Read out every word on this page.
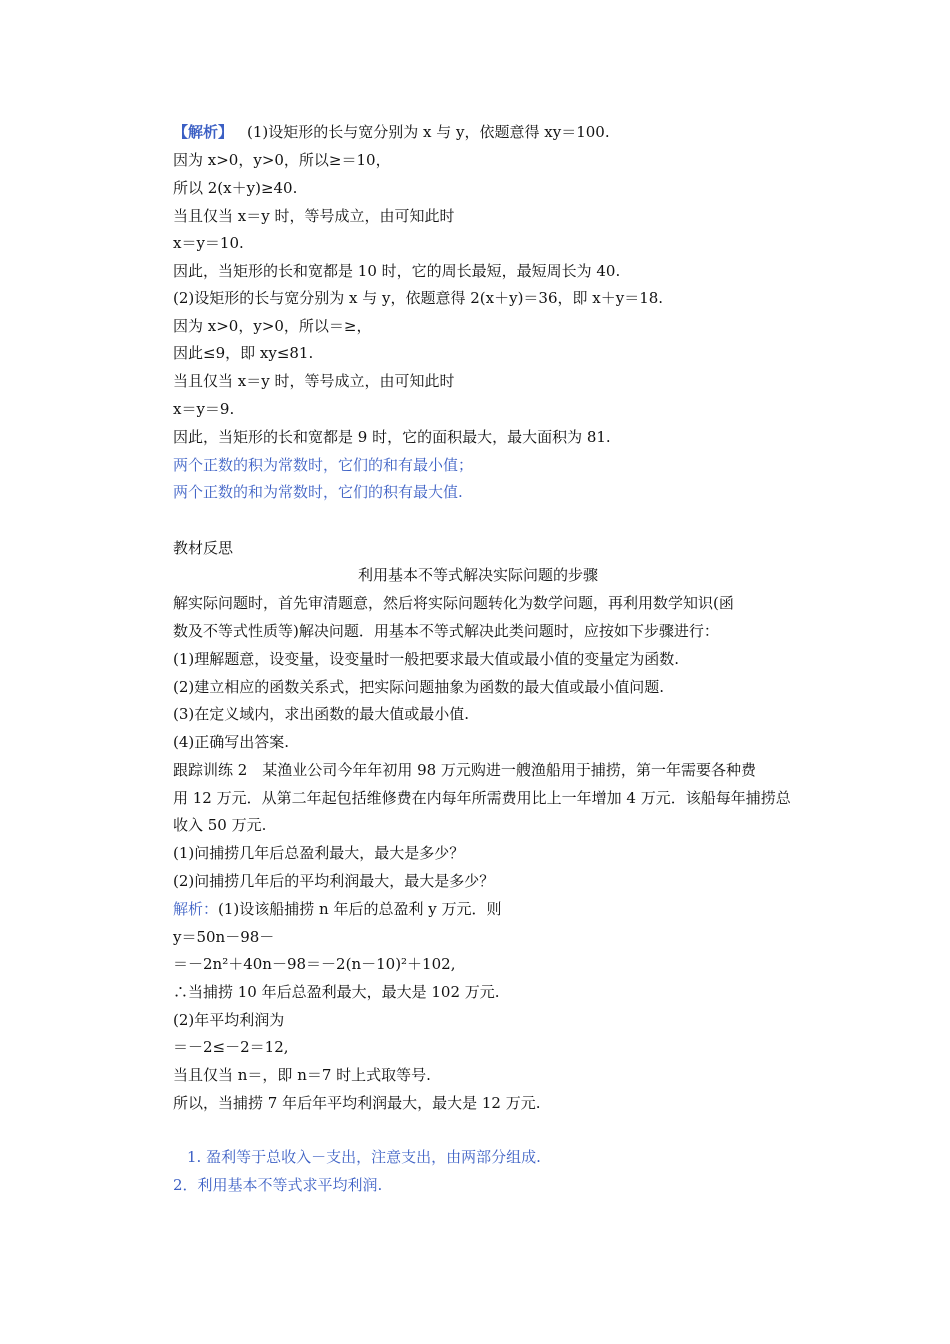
【解析】 (1)设矩形的长与宽分别为 x 与 y，依题意得 xy＝100.
因为 x>0，y>0，所以≥＝10，
所以 2(x＋y)≥40.
当且仅当 x＝y 时，等号成立，由可知此时
x＝y＝10.
因此，当矩形的长和宽都是 10 时，它的周长最短，最短周长为 40.
(2)设矩形的长与宽分别为 x 与 y，依题意得 2(x＋y)＝36，即 x＋y＝18.
因为 x>0，y>0，所以＝≥，
因此≤9，即 xy≤81.
当且仅当 x＝y 时，等号成立，由可知此时
x＝y＝9.
因此，当矩形的长和宽都是 9 时，它的面积最大，最大面积为 81.
两个正数的积为常数时，它们的和有最小值；
两个正数的和为常数时，它们的积有最大值.
教材反思
利用基本不等式解决实际问题的步骤
解实际问题时，首先审清题意，然后将实际问题转化为数学问题，再利用数学知识(函
数及不等式性质等)解决问题．用基本不等式解决此类问题时，应按如下步骤进行：
(1)理解题意，设变量，设变量时一般把要求最大值或最小值的变量定为函数.
(2)建立相应的函数关系式，把实际问题抽象为函数的最大值或最小值问题.
(3)在定义域内，求出函数的最大值或最小值.
(4)正确写出答案.
跟踪训练 2　某渔业公司今年年初用 98 万元购进一艘渔船用于捕捞，第一年需要各种费
用 12 万元．从第二年起包括维修费在内每年所需费用比上一年增加 4 万元．该船每年捕捞总
收入 50 万元.
(1)问捕捞几年后总盈利最大，最大是多少？
(2)问捕捞几年后的平均利润最大，最大是多少？
解析：(1)设该船捕捞 n 年后的总盈利 y 万元．则
y＝50n－98－
＝－2n²＋40n－98＝－2(n－10)²＋102,
∴当捕捞 10 年后总盈利最大，最大是 102 万元.
(2)年平均利润为
＝－2≤－2＝12,
当且仅当 n＝，即 n＝7 时上式取等号.
所以，当捕捞 7 年后年平均利润最大，最大是 12 万元.
1. 盈利等于总收入－支出，注意支出，由两部分组成.
2．利用基本不等式求平均利润.
